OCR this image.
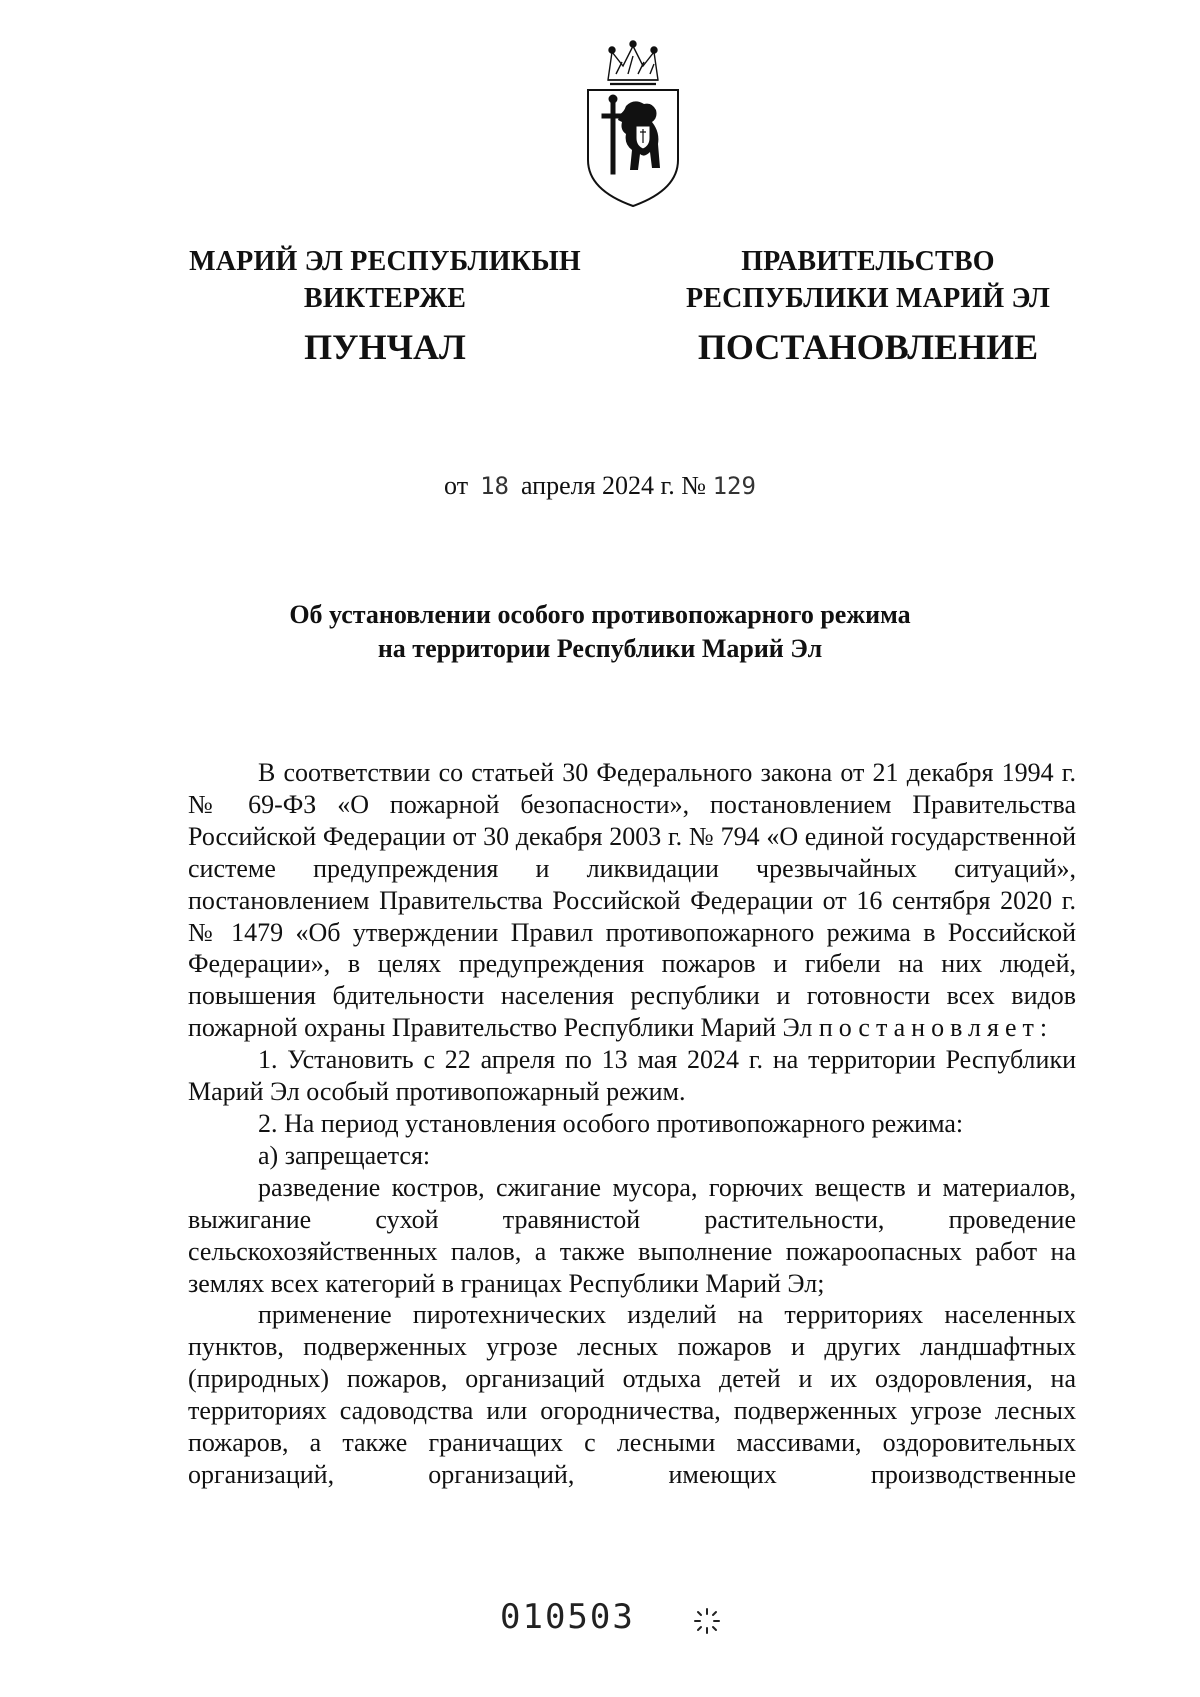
МАРИЙ ЭЛ РЕСПУБЛИКЫН
ВИКТЕРЖЕ
ПУНЧАЛ
ПРАВИТЕЛЬСТВО
РЕСПУБЛИКИ МАРИЙ ЭЛ
ПОСТАНОВЛЕНИЕ
от 18 апреля 2024 г. № 129
Об установлении особого противопожарного режима
на территории Республики Марий Эл

В соответствии со статьей 30 Федерального закона от 21 декабря 1994 г. № 69-ФЗ «О пожарной безопасности», постановлением Правительства Российской Федерации от 30 декабря 2003 г. № 794 «О единой государственной системе предупреждения и ликвидации чрезвычайных ситуаций», постановлением Правительства Российской Федерации от 16 сентября 2020 г. № 1479 «Об утверждении Правил противопожарного режима в Российской Федерации», в целях предупреждения пожаров и гибели на них людей, повышения бдительности населения республики и готовности всех видов пожарной охраны Правительство Республики Марий Эл постановляет:

1. Установить с 22 апреля по 13 мая 2024 г. на территории Республики Марий Эл особый противопожарный режим.

2. На период установления особого противопожарного режима:

а) запрещается:

разведение костров, сжигание мусора, горючих веществ и материалов, выжигание сухой травянистой растительности, проведение сельскохозяйственных палов, а также выполнение пожароопасных работ на землях всех категорий в границах Республики Марий Эл;

применение пиротехнических изделий на территориях населенных пунктов, подверженных угрозе лесных пожаров и других ландшафтных (природных) пожаров, организаций отдыха детей и их оздоровления, на территориях садоводства или огородничества, подверженных угрозе лесных пожаров, а также граничащих с лесными массивами, оздоровительных организаций, организаций, имеющих производственные

010503
